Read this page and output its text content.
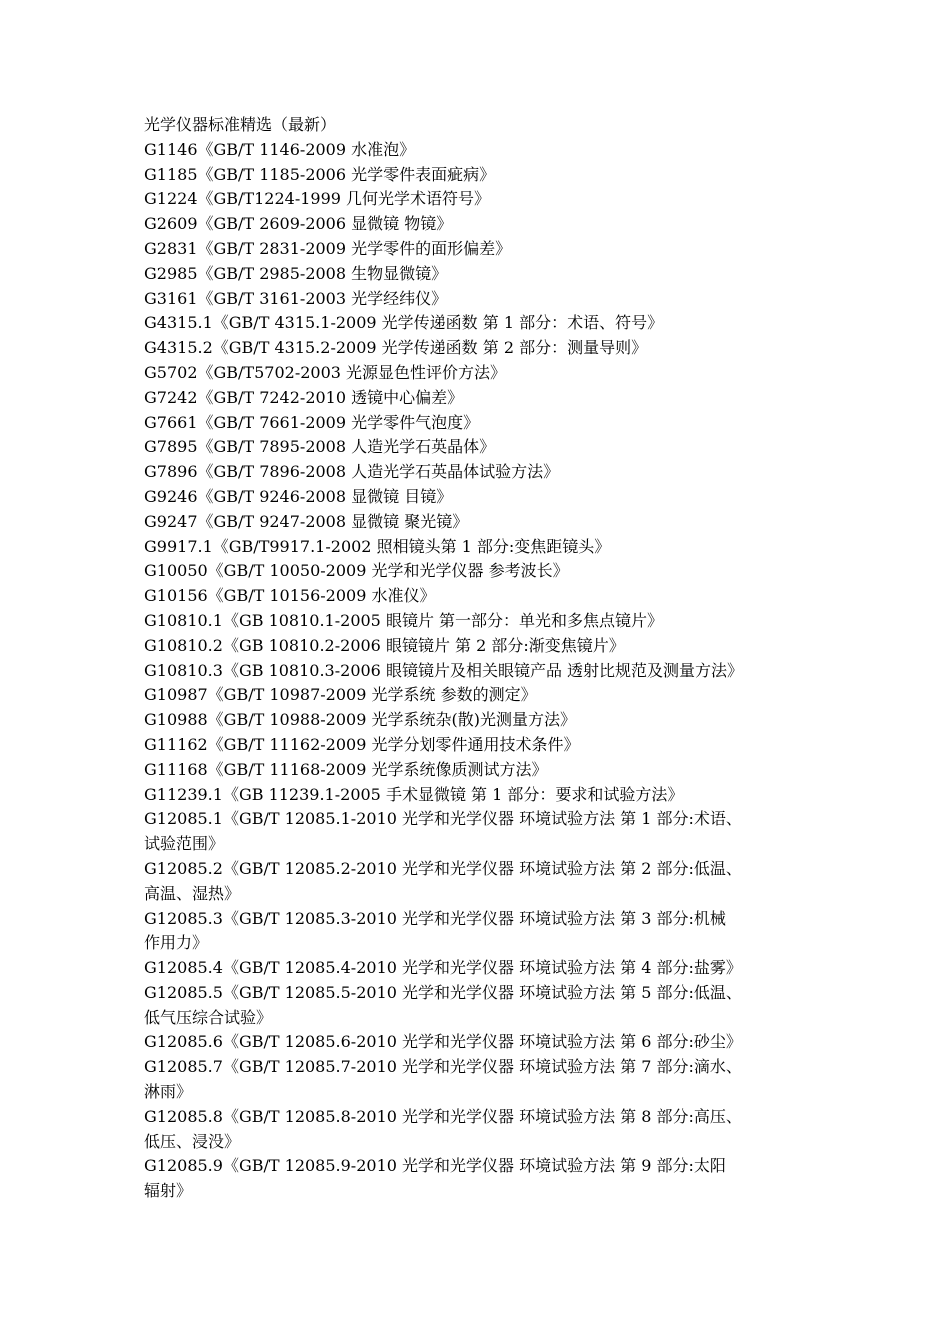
光学仪器标准精选（最新）
G1146《GB/T 1146-2009 水准泡》
G1185《GB/T 1185-2006 光学零件表面疵病》
G1224《GB/T1224-1999 几何光学术语符号》
G2609《GB/T 2609-2006 显微镜 物镜》
G2831《GB/T 2831-2009 光学零件的面形偏差》
G2985《GB/T 2985-2008 生物显微镜》
G3161《GB/T 3161-2003 光学经纬仪》
G4315.1《GB/T 4315.1-2009 光学传递函数 第 1 部分：术语、符号》
G4315.2《GB/T 4315.2-2009 光学传递函数 第 2 部分：测量导则》
G5702《GB/T5702-2003 光源显色性评价方法》
G7242《GB/T 7242-2010 透镜中心偏差》
G7661《GB/T 7661-2009 光学零件气泡度》
G7895《GB/T 7895-2008 人造光学石英晶体》
G7896《GB/T 7896-2008 人造光学石英晶体试验方法》
G9246《GB/T 9246-2008 显微镜 目镜》
G9247《GB/T 9247-2008 显微镜 聚光镜》
G9917.1《GB/T9917.1-2002 照相镜头第 1 部分:变焦距镜头》
G10050《GB/T 10050-2009 光学和光学仪器 参考波长》
G10156《GB/T 10156-2009 水准仪》
G10810.1《GB 10810.1-2005 眼镜片 第一部分：单光和多焦点镜片》
G10810.2《GB 10810.2-2006 眼镜镜片 第 2 部分:渐变焦镜片》
G10810.3《GB 10810.3-2006 眼镜镜片及相关眼镜产品 透射比规范及测量方法》
G10987《GB/T 10987-2009 光学系统 参数的测定》
G10988《GB/T 10988-2009 光学系统杂(散)光测量方法》
G11162《GB/T 11162-2009 光学分划零件通用技术条件》
G11168《GB/T 11168-2009 光学系统像质测试方法》
G11239.1《GB 11239.1-2005 手术显微镜 第 1 部分：要求和试验方法》
G12085.1《GB/T 12085.1-2010 光学和光学仪器 环境试验方法 第 1 部分:术语、
试验范围》
G12085.2《GB/T 12085.2-2010 光学和光学仪器 环境试验方法 第 2 部分:低温、
高温、湿热》
G12085.3《GB/T 12085.3-2010 光学和光学仪器 环境试验方法 第 3 部分:机械
作用力》
G12085.4《GB/T 12085.4-2010 光学和光学仪器 环境试验方法 第 4 部分:盐雾》
G12085.5《GB/T 12085.5-2010 光学和光学仪器 环境试验方法 第 5 部分:低温、
低气压综合试验》
G12085.6《GB/T 12085.6-2010 光学和光学仪器 环境试验方法 第 6 部分:砂尘》
G12085.7《GB/T 12085.7-2010 光学和光学仪器 环境试验方法 第 7 部分:滴水、
淋雨》
G12085.8《GB/T 12085.8-2010 光学和光学仪器 环境试验方法 第 8 部分:高压、
低压、浸没》
G12085.9《GB/T 12085.9-2010 光学和光学仪器 环境试验方法 第 9 部分:太阳
辐射》
